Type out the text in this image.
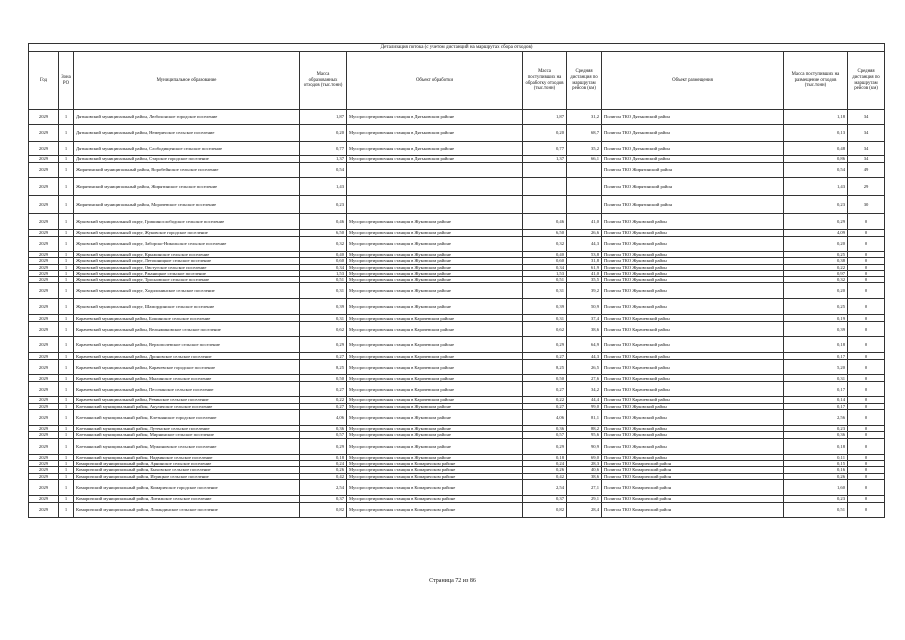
Детализация потока (с учетом дистанций на маршрутах сбора отходов)									
Год	Зона РО	Муниципальное образование	Масса образованных отходов (тыс.тонн)	Объект обработки	Масса поступивших на обработку отходов (тыс.тонн)	Средняя дистанция по маршрутам рейсов (км)	Объект размещения	Масса поступивших на размещение отходов (тыс.тонн)	Средняя дистанция по маршрутам рейсов (км)
2029	1	Дятьковский муниципальный район, Любохонское городское поселение	1,87	Мусоросортировочная станция в Дятьковском районе	1,87	31,2	Полигон ТКО Дятьковский район	1,18	34
2029	1	Дятьковский муниципальный район, Немеричское сельское поселение	0,20	Мусоросортировочная станция в Дятьковском районе	0,20	68,7	Полигон ТКО Дятьковский район	0,13	34
2029	1	Дятьковский муниципальный район, Слободищенское сельское поселение	0,77	Мусоросортировочная станция в Дятьковском районе	0,77	35,2	Полигон ТКО Дятьковский район	0,48	34
2029	1	Дятьковский муниципальный район, Старское городское поселение	1,37	Мусоросортировочная станция в Дятьковском районе	1,37	66,1	Полигон ТКО Дятьковский район	0,86	34
2029	1	Жирятинский муниципальный район, Воробейнское сельское поселение	0,54				Полигон ТКО Жирятинский район	0,54	49
2029	1	Жирятинский муниципальный район, Жирятинское сельское поселение	1,43				Полигон ТКО Жирятинский район	1,43	29
2029	1	Жирятинский муниципальный район, Морачевское сельское поселение	0,23				Полигон ТКО Жирятинский район	0,23	30
2029	1	Жуковский муниципальный округ, Гришинослободское сельское поселение	0,46	Мусоросортировочная станция в Жуковском районе	0,46	41,0	Полигон ТКО Жуковский район	0,29	0
2029	1	Жуковский муниципальный округ, Жуковское городское поселение	6,50	Мусоросортировочная станция в Жуковском районе	6,50	26,6	Полигон ТКО Жуковский район	4,09	0
2029	1	Жуковский муниципальный округ, Заборско-Никольское сельское поселение	0,32	Мусоросортировочная станция в Жуковском районе	0,32	44,3	Полигон ТКО Жуковский район	0,20	0
2029	1	Жуковский муниципальный округ, Крыжинское сельское поселение	0,40	Мусоросортировочная станция в Жуковском районе	0,40	53,8	Полигон ТКО Жуковский район	0,25	0
2029	1	Жуковский муниципальный округ, Летошницкое сельское поселение	0,60	Мусоросортировочная станция в Жуковском районе	0,60	31,8	Полигон ТКО Жуковский район	0,38	0
2029	1	Жуковский муниципальный округ, Овстугское сельское поселение	0,34	Мусоросортировочная станция в Жуковском районе	0,34	61,9	Полигон ТКО Жуковский район	0,22	0
2029	1	Жуковский муниципальный округ, Ржаницкое сельское поселение	1,53	Мусоросортировочная станция в Жуковском районе	1,53	41,0	Полигон ТКО Жуковский район	0,97	0
2029	1	Жуковский муниципальный округ, Тросновское сельское поселение	0,51	Мусоросортировочная станция в Жуковском районе	0,51	35,5	Полигон ТКО Жуковский район	0,32	0
2029	1	Жуковский муниципальный округ, Ходилонинское сельское поселение	0,31	Мусоросортировочная станция в Жуковском районе	0,31	39,2	Полигон ТКО Жуковский район	0,20	0
2029	1	Жуковский муниципальный округ, Шамординское сельское поселение	0,39	Мусоросортировочная станция в Жуковском районе	0,39	50,9	Полигон ТКО Жуковский район	0,25	0
2029	1	Карачевский муниципальный район, Бошинское сельское поселение	0,31	Мусоросортировочная станция в Карачевском районе	0,31	37,4	Полигон ТКО Карачевский район	0,19	0
2029	1	Карачевский муниципальный район, Вельяминовское сельское поселение	0,62	Мусоросортировочная станция в Карачевском районе	0,62	38,6	Полигон ТКО Карачевский район	0,39	0
2029	1	Карачевский муниципальный район, Верхополевское сельское поселение	0,29	Мусоросортировочная станция в Карачевском районе	0,29	64,9	Полигон ТКО Карачевский район	0,18	0
2029	1	Карачевский муниципальный район, Дроновское сельское поселение	0,27	Мусоросортировочная станция в Карачевском районе	0,27	44,3	Полигон ТКО Карачевский район	0,17	0
2029	1	Карачевский муниципальный район, Карачевское городское поселение	8,25	Мусоросортировочная станция в Карачевском районе	8,25	26,5	Полигон ТКО Карачевский район	5,20	0
2029	1	Карачевский муниципальный район, Мылинское сельское поселение	0,50	Мусоросортировочная станция в Карачевском районе	0,50	27,6	Полигон ТКО Карачевский район	0,31	0
2029	1	Карачевский муниципальный район, Песочанское сельское поселение	0,27	Мусоросортировочная станция в Карачевском районе	0,27	34,2	Полигон ТКО Карачевский район	0,17	0
2029	1	Карачевский муниципальный район, Ревинское сельское поселение	0,22	Мусоросортировочная станция в Карачевском районе	0,22	44,4	Полигон ТКО Карачевский район	0,14	0
2029	1	Клетнянский муниципальный район, Акуличское сельское поселение	0,27	Мусоросортировочная станция в Жуковском районе	0,27	99,0	Полигон ТКО Жуковский район	0,17	0
2029	1	Клетнянский муниципальный район, Клетнянское городское поселение	4,06	Мусоросортировочная станция в Жуковском районе	4,06	81,1	Полигон ТКО Жуковский район	2,56	0
2029	1	Клетнянский муниципальный район, Лутенское сельское поселение	0,36	Мусоросортировочная станция в Жуковском районе	0,36	88,2	Полигон ТКО Жуковский район	0,23	0
2029	1	Клетнянский муниципальный район, Мирнинское сельское поселение	0,57	Мусоросортировочная станция в Жуковском районе	0,57	95,6	Полигон ТКО Жуковский район	0,36	0
2029	1	Клетнянский муниципальный район, Мужиновское сельское поселение	0,29	Мусоросортировочная станция в Жуковском районе	0,29	90,9	Полигон ТКО Жуковский район	0,18	0
2029	1	Клетнянский муниципальный район, Надвинское сельское поселение	0,18	Мусоросортировочная станция в Жуковском районе	0,18	69,0	Полигон ТКО Жуковский район	0,11	0
2029	1	Комаричский муниципальный район, Арнинское сельское поселение	0,24	Мусоросортировочная станция в Комаричском районе	0,24	28,3	Полигон ТКО Комаричский район	0,15	0
2029	1	Комаричский муниципальный район, Быховское сельское поселение	0,26	Мусоросортировочная станция в Комаричском районе	0,26	40,6	Полигон ТКО Комаричский район	0,16	0
2029	1	Комаричский муниципальный район, Игрицкое сельское поселение	0,42	Мусоросортировочная станция в Комаричском районе	0,42	38,6	Полигон ТКО Комаричский район	0,26	0
2029	1	Комаричский муниципальный район, Комаричское городское поселение	2,54	Мусоросортировочная станция в Комаричском районе	2,54	27,1	Полигон ТКО Комаричский район	1,60	0
2029	1	Комаричский муниципальный район, Литижское сельское поселение	0,37	Мусоросортировочная станция в Комаричском районе	0,37	29,1	Полигон ТКО Комаричский район	0,23	0
2029	1	Комаричский муниципальный район, Лопандинское сельское поселение	0,82	Мусоросортировочная станция в Комаричском районе	0,82	28,4	Полигон ТКО Комаричский район	0,51	0
Страница 72 из 86
